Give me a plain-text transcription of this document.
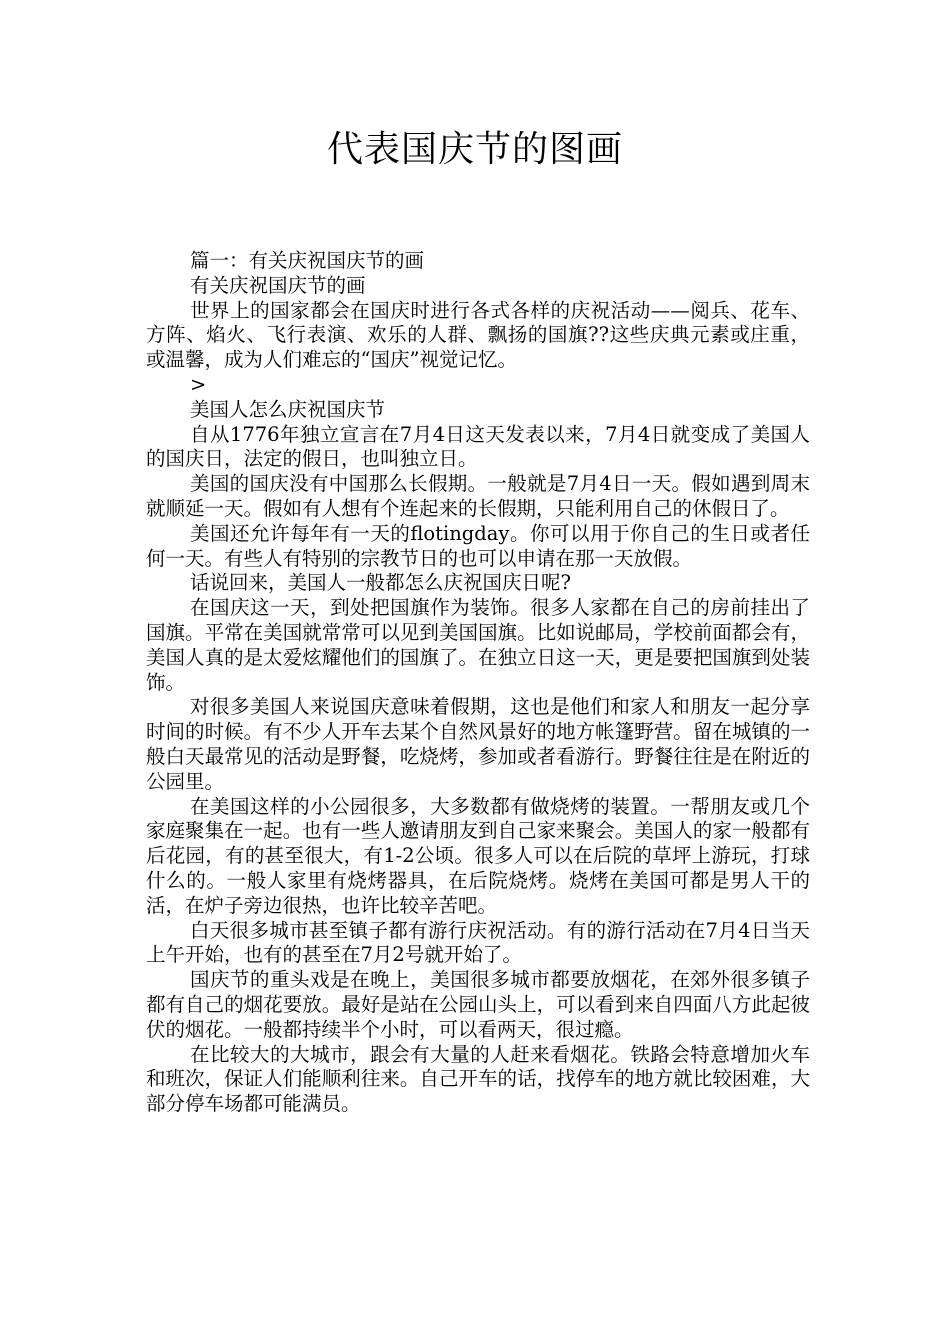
代表国庆节的图画

篇一：有关庆祝国庆节的画

有关庆祝国庆节的画

世界上的国家都会在国庆时进行各式各样的庆祝活动——阅兵、花车、方阵、焰火、飞行表演、欢乐的人群、飘扬的国旗??这些庆典元素或庄重，或温馨，成为人们难忘的“国庆”视觉记忆。

>

美国人怎么庆祝国庆节

自从1776年独立宣言在7月4日这天发表以来，7月4日就变成了美国人的国庆日，法定的假日，也叫独立日。

美国的国庆没有中国那么长假期。一般就是7月4日一天。假如遇到周末就顺延一天。假如有人想有个连起来的长假期，只能利用自己的休假日了。

美国还允许每年有一天的flotingday。你可以用于你自己的生日或者任何一天。有些人有特别的宗教节日的也可以申请在那一天放假。

话说回来，美国人一般都怎么庆祝国庆日呢?

在国庆这一天，到处把国旗作为装饰。很多人家都在自己的房前挂出了国旗。平常在美国就常常可以见到美国国旗。比如说邮局，学校前面都会有，美国人真的是太爱炫耀他们的国旗了。在独立日这一天，更是要把国旗到处装饰。

对很多美国人来说国庆意味着假期，这也是他们和家人和朋友一起分享时间的时候。有不少人开车去某个自然风景好的地方帐篷野营。留在城镇的一般白天最常见的活动是野餐，吃烧烤，参加或者看游行。野餐往往是在附近的公园里。

在美国这样的小公园很多，大多数都有做烧烤的装置。一帮朋友或几个家庭聚集在一起。也有一些人邀请朋友到自己家来聚会。美国人的家一般都有后花园，有的甚至很大，有1-2公顷。很多人可以在后院的草坪上游玩，打球什么的。一般人家里有烧烤器具，在后院烧烤。烧烤在美国可都是男人干的活，在炉子旁边很热，也许比较辛苦吧。

白天很多城市甚至镇子都有游行庆祝活动。有的游行活动在7月4日当天上午开始，也有的甚至在7月2号就开始了。

国庆节的重头戏是在晚上，美国很多城市都要放烟花，在郊外很多镇子都有自己的烟花要放。最好是站在公园山头上，可以看到来自四面八方此起彼伏的烟花。一般都持续半个小时，可以看两天，很过瘾。

在比较大的大城市，跟会有大量的人赶来看烟花。铁路会特意增加火车和班次，保证人们能顺利往来。自己开车的话，找停车的地方就比较困难，大部分停车场都可能满员。
